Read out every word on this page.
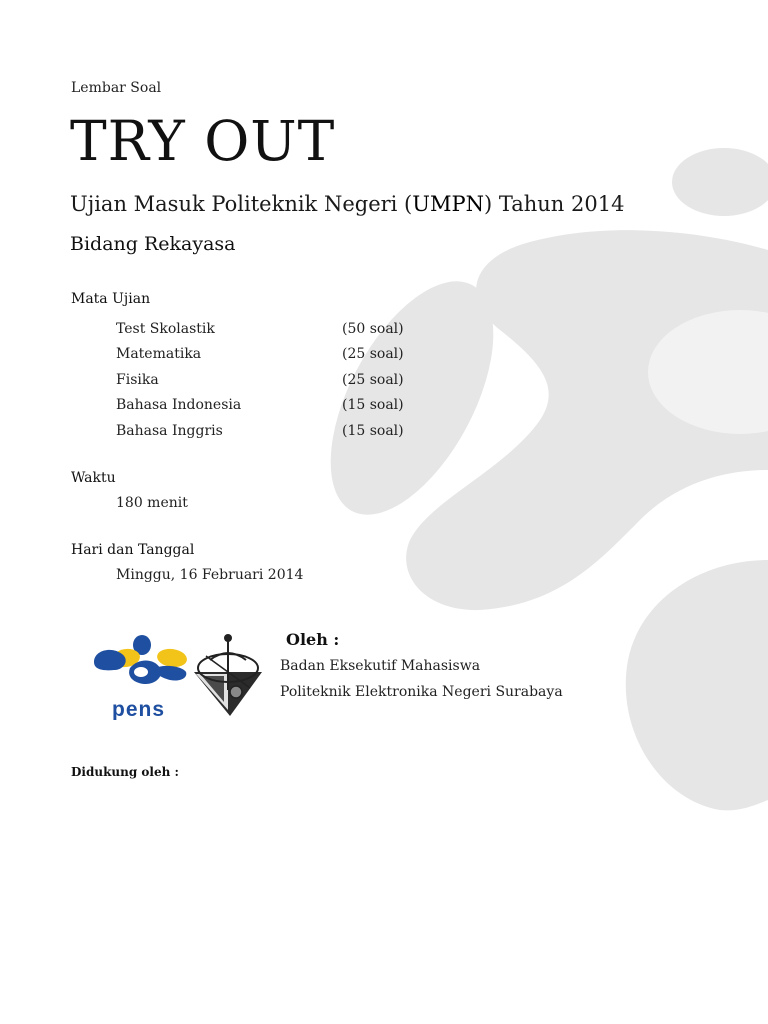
Lembar Soal
TRY OUT
Ujian Masuk Politeknik Negeri (UMPN) Tahun 2014
Bidang Rekayasa
Mata Ujian
Test Skolastik	(50 soal)
Matematika	(25 soal)
Fisika	(25 soal)
Bahasa Indonesia	(15 soal)
Bahasa Inggris	(15 soal)
Waktu
180 menit
Hari dan Tanggal
Minggu, 16 Februari 2014
pens
Oleh :
Badan Eksekutif Mahasiswa
Politeknik Elektronika Negeri Surabaya
Didukung oleh :
